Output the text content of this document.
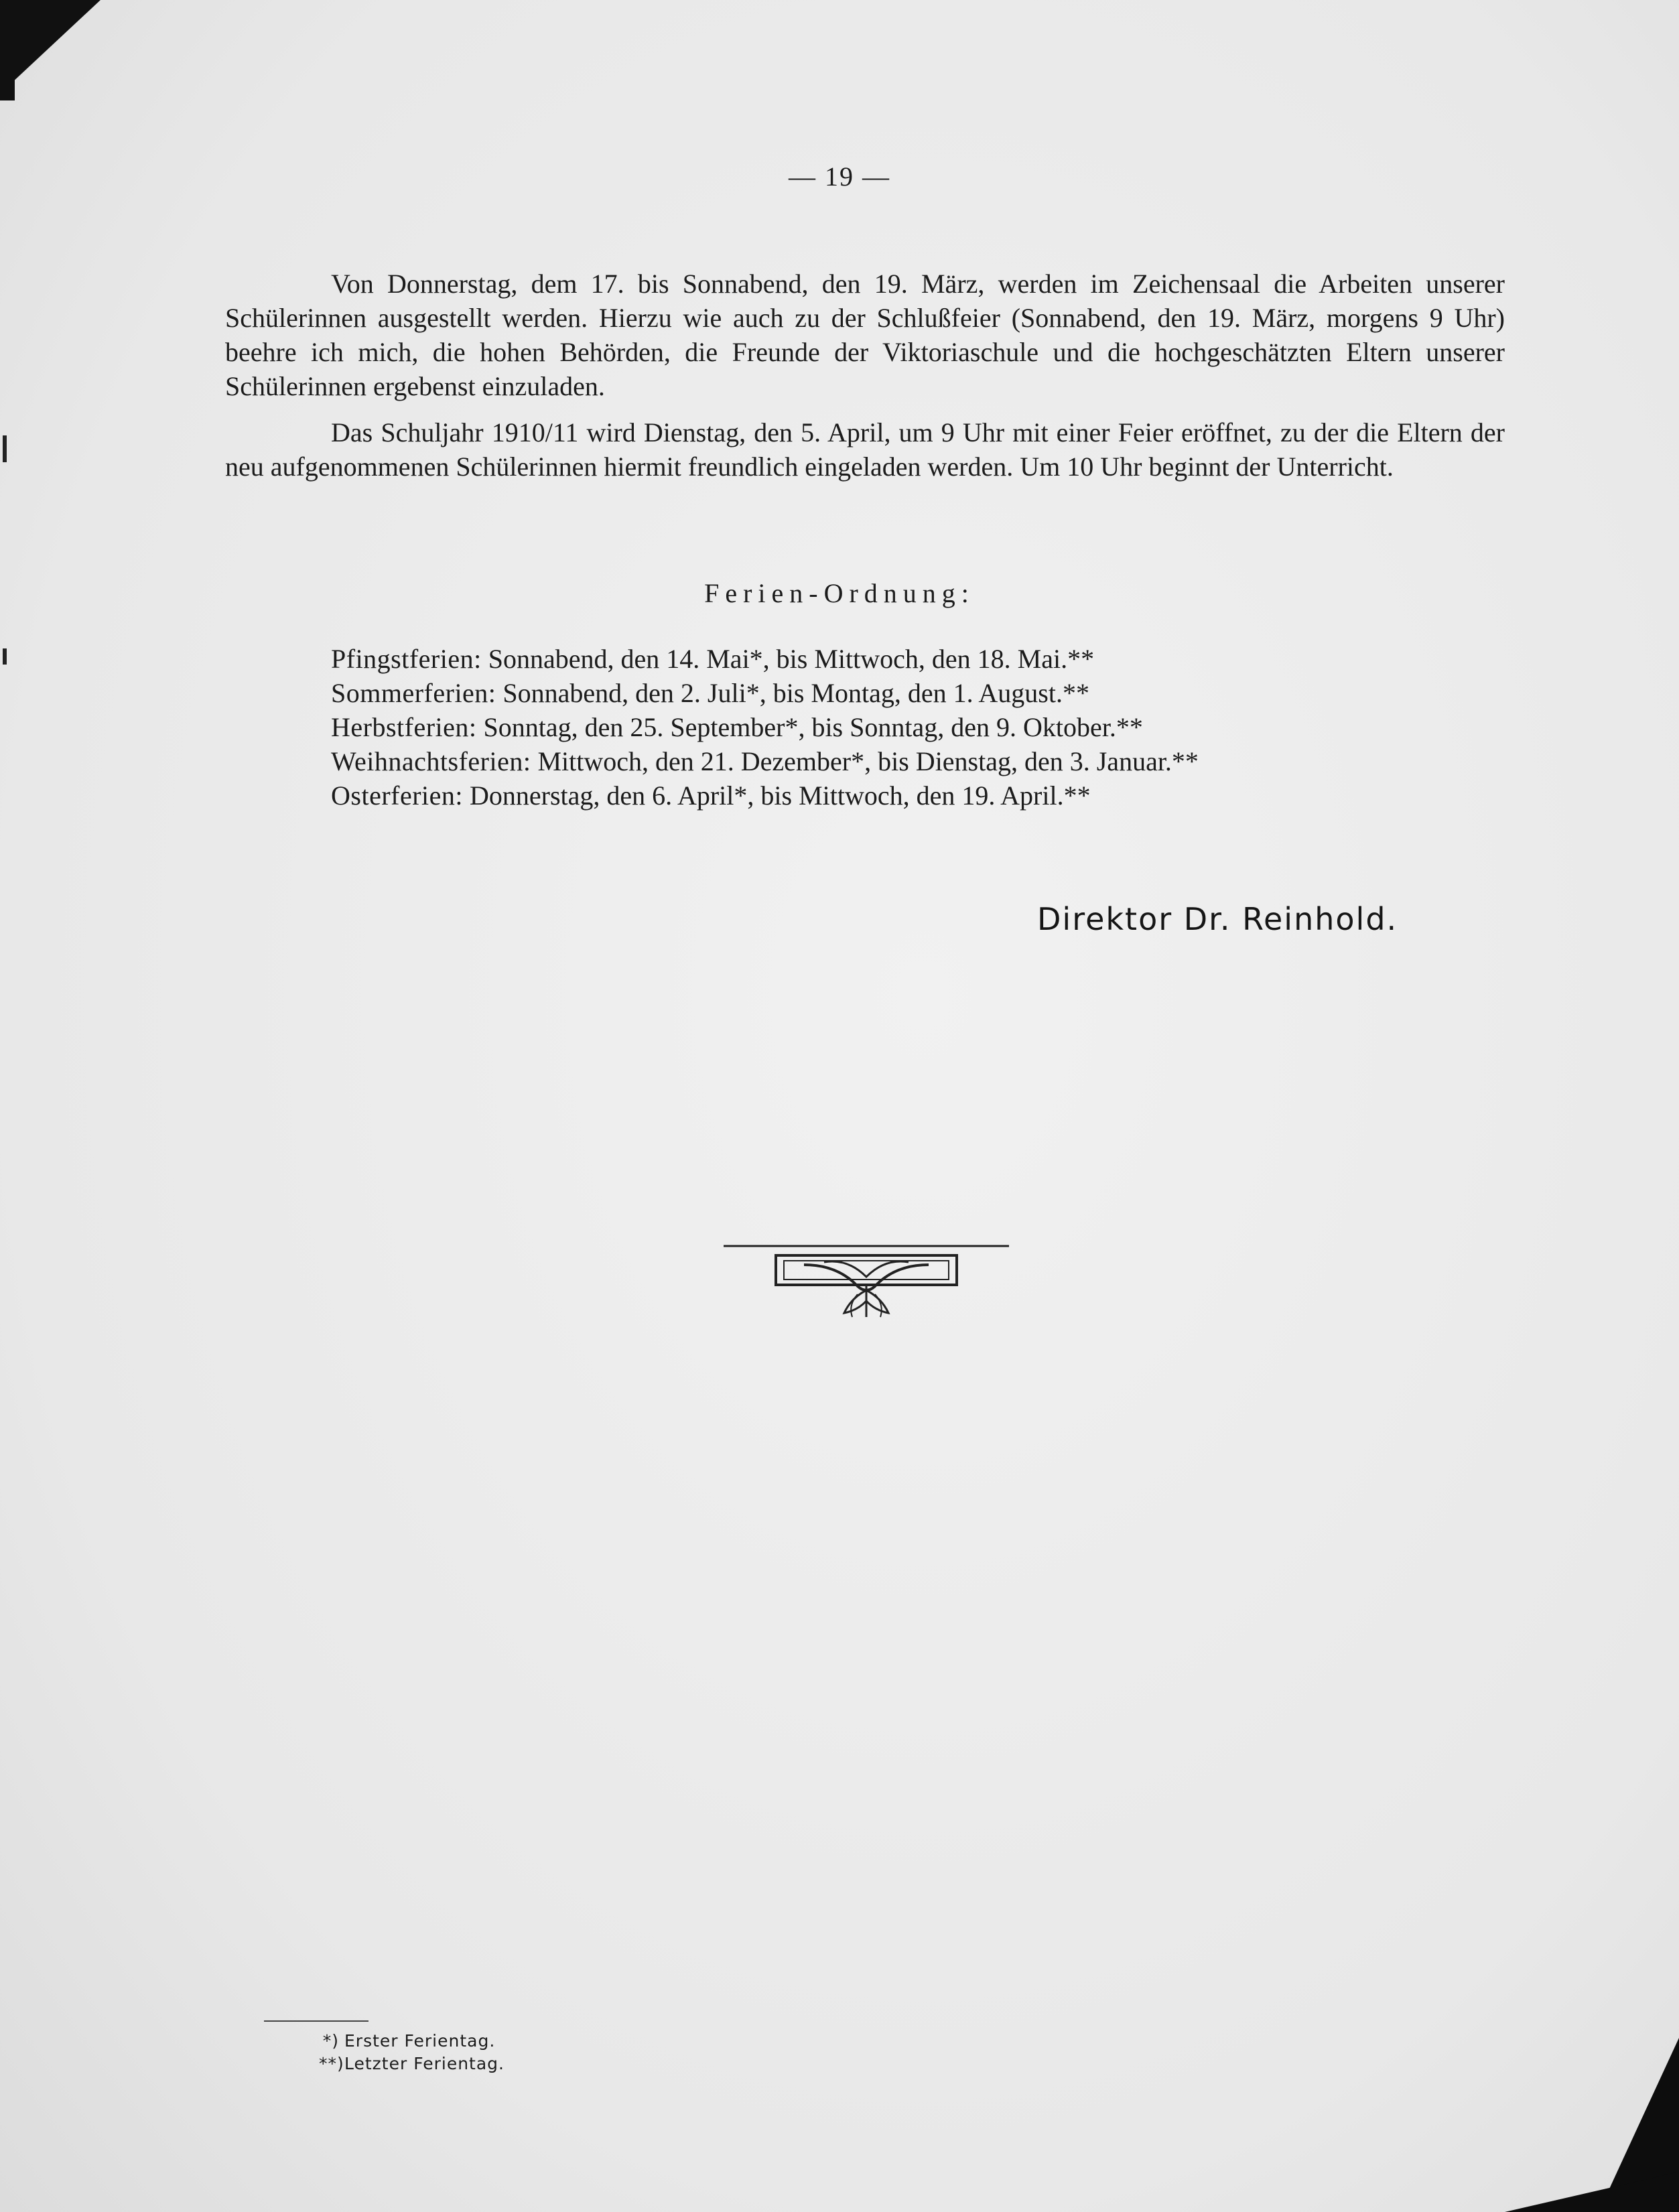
— 19 —

Von Donnerstag, dem 17. bis Sonnabend, den 19. März, werden im Zeichensaal die Arbeiten unserer Schülerinnen ausgestellt werden. Hierzu wie auch zu der Schlußfeier (Sonnabend, den 19. März, morgens 9 Uhr) beehre ich mich, die hohen Behörden, die Freunde der Viktoriaschule und die hochgeschätzten Eltern unserer Schülerinnen ergebenst einzuladen.

Das Schuljahr 1910/11 wird Dienstag, den 5. April, um 9 Uhr mit einer Feier eröffnet, zu der die Eltern der neu aufgenommenen Schülerinnen hiermit freundlich eingeladen werden. Um 10 Uhr beginnt der Unterricht.

Ferien-Ordnung:
Pfingstferien: Sonnabend, den 14. Mai*, bis Mittwoch, den 18. Mai.**
Sommerferien: Sonnabend, den 2. Juli*, bis Montag, den 1. August.**
Herbstferien: Sonntag, den 25. September*, bis Sonntag, den 9. Oktober.**
Weihnachtsferien: Mittwoch, den 21. Dezember*, bis Dienstag, den 3. Januar.**
Osterferien: Donnerstag, den 6. April*, bis Mittwoch, den 19. April.**
Direktor Dr. Reinhold.
*) Erster Ferientag.
**)Letzter Ferientag.
